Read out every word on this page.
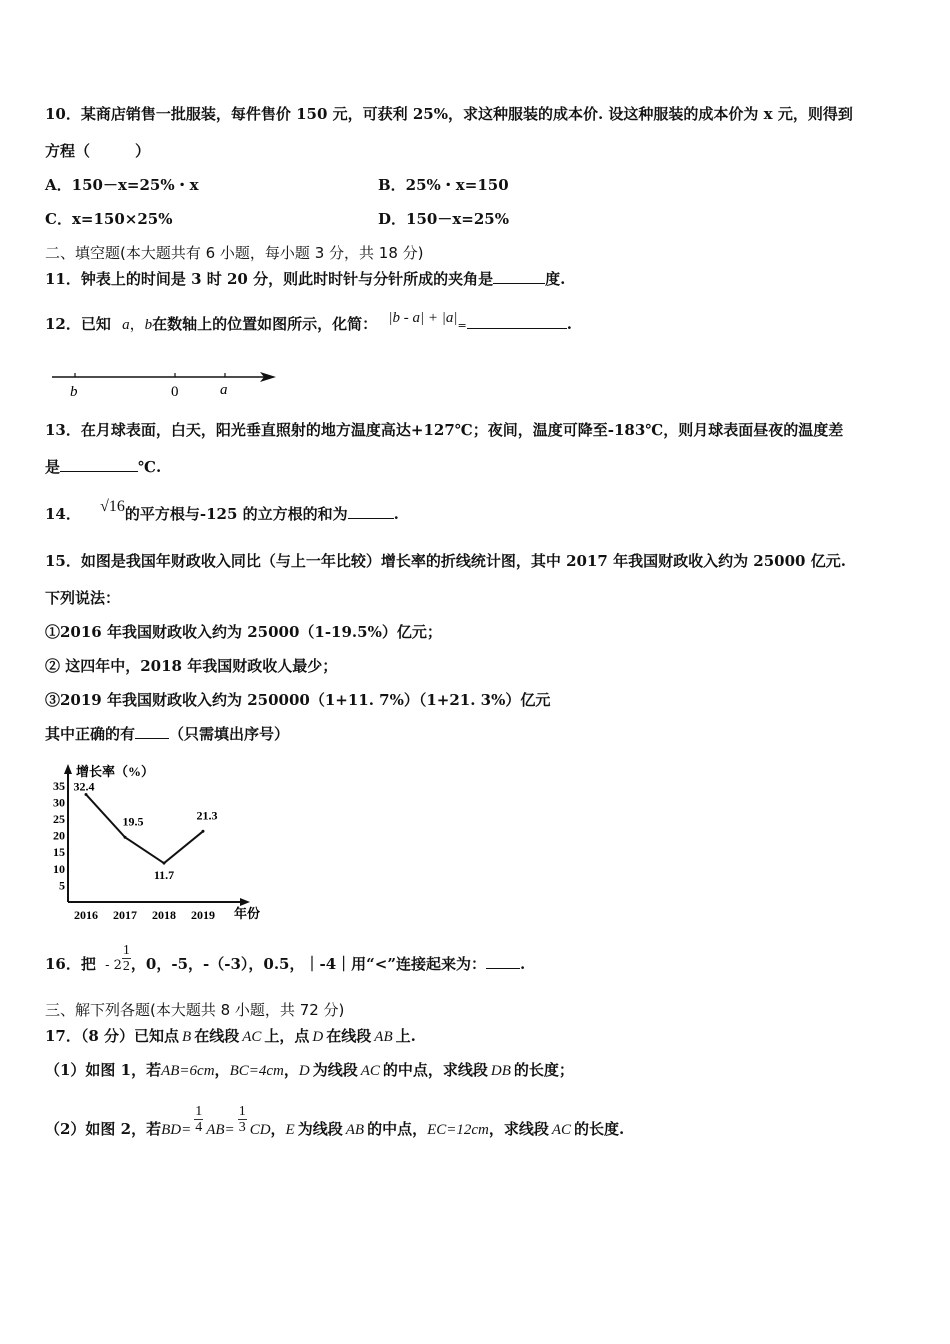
10．某商店销售一批服装，每件售价 150 元，可获利 25%，求这种服装的成本价. 设这种服装的成本价为 x 元，则得到
方程（　　　）
A．150－x=25%・x	B．25%・x=150
C．x=150×25%	D．150－x=25%
二、填空题(本大题共有 6 小题，每小题 3 分，共 18 分)
11．钟表上的时间是 3 时 20 分，则此时时针与分针所成的夹角是	度.
12．已知 a，b在数轴上的位置如图所示，化简： |b - a| + |a|=	.
b	0	a
13．在月球表面，白天，阳光垂直照射的地方温度高达+127℃；夜间，温度可降至-183℃，则月球表面昼夜的温度差
是	℃.
14． √16的平方根与-125 的立方根的和为	.
15．如图是我国年财政收入同比（与上一年比较）增长率的折线统计图，其中 2017 年我国财政收入约为 25000 亿元.
下列说法：
①2016 年我国财政收入约为 25000（1-19.5%）亿元；
② 这四年中，2018 年我国财政收人最少；
③2019 年我国财政收入约为 250000（1+11. 7%）（1+21. 3%）亿元
其中正确的有 （只需填出序号）
增长率（%）
年份
5
10
15
20
25
30
35
2016 2017 2018 2019
32.4
19.5
11.7
21.3
16．把 - $2 \frac{1}{2}$ ，0，-5，-（-3），0.5，｜-4｜用“<”连接起来为： .
三、解下列各题(本大题共 8 小题，共 72 分)
17．（8 分）已知点 B 在线段 AC 上，点 D 在线段 AB 上.
（1）如图 1，若AB=6cm，BC=4cm，D 为线段 AC 的中点，求线段 DB 的长度；
（2）如图 2，若$BD= \frac{1}{4} AB= \frac{1}{3}$ CD，E 为线段 AB 的中点，EC=12cm，求线段 AC 的长度.
